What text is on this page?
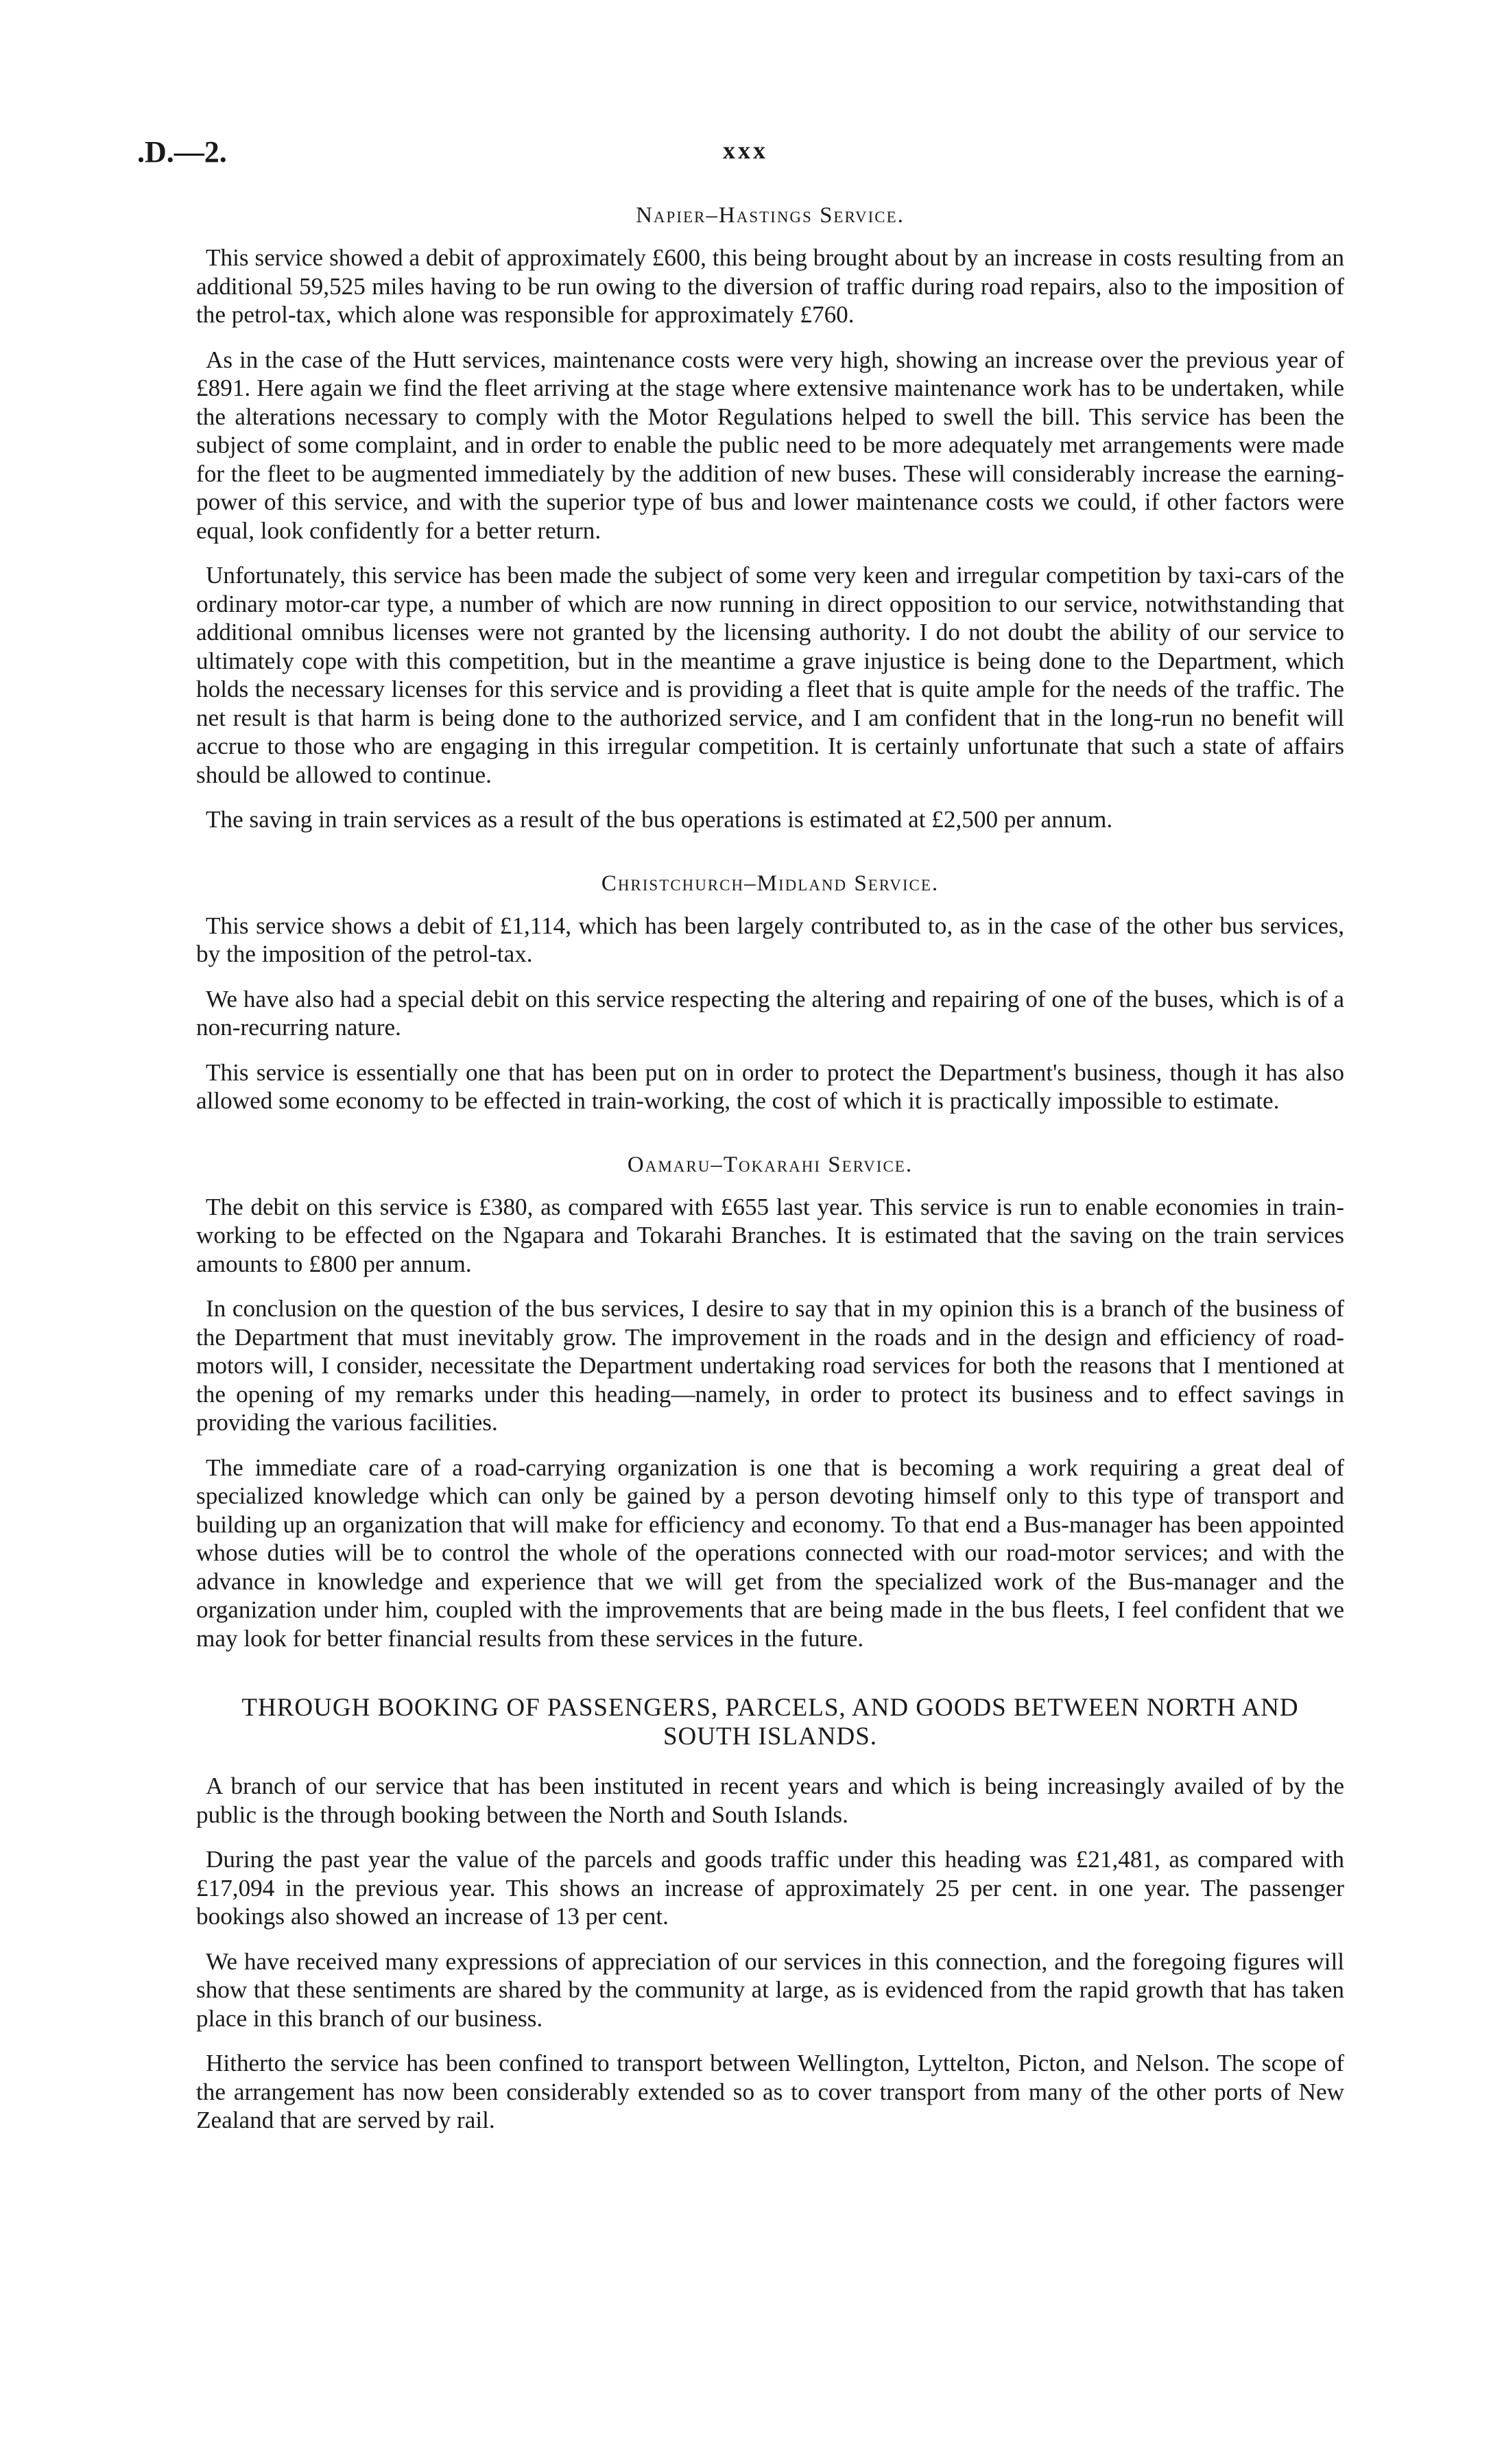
.D.—2.	xxx
Napier–Hastings Service.

This service showed a debit of approximately £600, this being brought about by an increase in costs resulting from an additional 59,525 miles having to be run owing to the diversion of traffic during road repairs, also to the imposition of the petrol-tax, which alone was responsible for approximately £760.

As in the case of the Hutt services, maintenance costs were very high, showing an increase over the previous year of £891. Here again we find the fleet arriving at the stage where extensive maintenance work has to be undertaken, while the alterations necessary to comply with the Motor Regulations helped to swell the bill. This service has been the subject of some complaint, and in order to enable the public need to be more adequately met arrangements were made for the fleet to be augmented immediately by the addition of new buses. These will considerably increase the earning-power of this service, and with the superior type of bus and lower maintenance costs we could, if other factors were equal, look confidently for a better return.

Unfortunately, this service has been made the subject of some very keen and irregular competition by taxi-cars of the ordinary motor-car type, a number of which are now running in direct opposition to our service, notwithstanding that additional omnibus licenses were not granted by the licensing authority. I do not doubt the ability of our service to ultimately cope with this competition, but in the meantime a grave injustice is being done to the Department, which holds the necessary licenses for this service and is providing a fleet that is quite ample for the needs of the traffic. The net result is that harm is being done to the authorized service, and I am confident that in the long-run no benefit will accrue to those who are engaging in this irregular competition. It is certainly unfortunate that such a state of affairs should be allowed to continue.

The saving in train services as a result of the bus operations is estimated at £2,500 per annum.

Christchurch–Midland Service.

This service shows a debit of £1,114, which has been largely contributed to, as in the case of the other bus services, by the imposition of the petrol-tax.

We have also had a special debit on this service respecting the altering and repairing of one of the buses, which is of a non-recurring nature.

This service is essentially one that has been put on in order to protect the Department's business, though it has also allowed some economy to be effected in train-working, the cost of which it is practically impossible to estimate.

Oamaru–Tokarahi Service.

The debit on this service is £380, as compared with £655 last year. This service is run to enable economies in train-working to be effected on the Ngapara and Tokarahi Branches. It is estimated that the saving on the train services amounts to £800 per annum.

In conclusion on the question of the bus services, I desire to say that in my opinion this is a branch of the business of the Department that must inevitably grow. The improvement in the roads and in the design and efficiency of road-motors will, I consider, necessitate the Department undertaking road services for both the reasons that I mentioned at the opening of my remarks under this heading—namely, in order to protect its business and to effect savings in providing the various facilities.

The immediate care of a road-carrying organization is one that is becoming a work requiring a great deal of specialized knowledge which can only be gained by a person devoting himself only to this type of transport and building up an organization that will make for efficiency and economy. To that end a Bus-manager has been appointed whose duties will be to control the whole of the operations connected with our road-motor services; and with the advance in knowledge and experience that we will get from the specialized work of the Bus-manager and the organization under him, coupled with the improvements that are being made in the bus fleets, I feel confident that we may look for better financial results from these services in the future.

THROUGH BOOKING OF PASSENGERS, PARCELS, AND GOODS BETWEEN NORTH AND SOUTH ISLANDS.

A branch of our service that has been instituted in recent years and which is being increasingly availed of by the public is the through booking between the North and South Islands.

During the past year the value of the parcels and goods traffic under this heading was £21,481, as compared with £17,094 in the previous year. This shows an increase of approximately 25 per cent. in one year. The passenger bookings also showed an increase of 13 per cent.

We have received many expressions of appreciation of our services in this connection, and the foregoing figures will show that these sentiments are shared by the community at large, as is evidenced from the rapid growth that has taken place in this branch of our business.

Hitherto the service has been confined to transport between Wellington, Lyttelton, Picton, and Nelson. The scope of the arrangement has now been considerably extended so as to cover transport from many of the other ports of New Zealand that are served by rail.
